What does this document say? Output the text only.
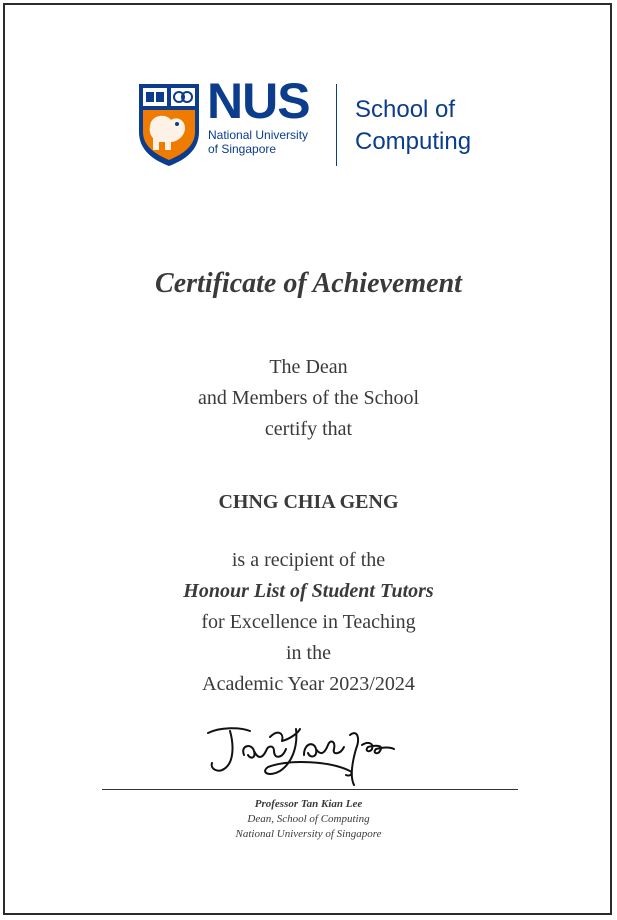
NUS
National University
of Singapore
School of
Computing
Certificate of Achievement
The Dean
and Members of the School
certify that
CHNG CHIA GENG
is a recipient of the
Honour List of Student Tutors
for Excellence in Teaching
in the
Academic Year 2023/2024
Professor Tan Kian Lee
Dean, School of Computing
National University of Singapore
